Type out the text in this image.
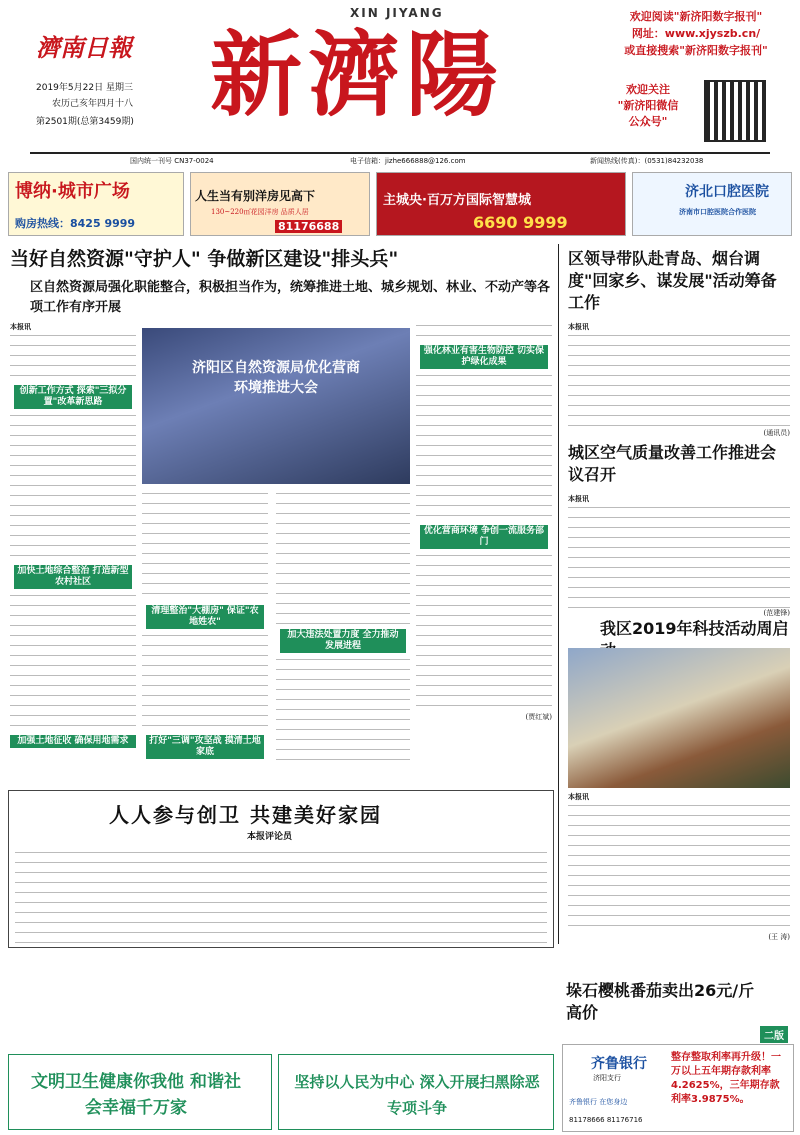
濟南日報
2019年5月22日 星期三
农历己亥年四月十八
第2501期(总第3459期)
XIN JIYANG
新濟陽
欢迎阅读"新济阳数字报刊"
网址：www.xjyszb.cn/
或直接搜索"新济阳数字报刊"
欢迎关注
"新济阳微信
公众号"
国内统一刊号 CN37-0024	电子信箱：jizhe666888@126.com	新闻热线(传真)：(0531)84232038
博纳·城市广场
购房热线：8425 9999
人生当有别洋房见高下
130~220㎡花园洋房 品质人居
81176688
主城央·百万方国际智慧城
6690 9999
济北口腔医院
济南市口腔医院合作医院
当好自然资源"守护人" 争做新区建设"排头兵"
区自然资源局强化职能整合，积极担当作为，统筹推进土地、城乡规划、林业、不动产等各项工作有序开展
本报讯
创新工作方式 探索"三拟分置"改革新思路
加快土地综合整治 打造新型农村社区
加强土地征收 确保用地需求
济阳区自然资源局优化营商环境推进大会
清理整治"大棚房" 保证"农地姓农"
打好"三调"攻坚战 摸清土地家底
加大违法处置力度 全力推动发展进程
强化林业有害生物防控 切实保护绿化成果
优化营商环境 争创一流服务部门
(贾红斌)
区领导带队赴青岛、烟台调度"回家乡、谋发展"活动筹备工作
本报讯
(通讯员)
城区空气质量改善工作推进会议召开
本报讯
(范建锋)
我区2019年科技活动周启
本报讯
(王 涛)
垛石樱桃番茄卖出26元/斤高价
二版
人人参与创卫 共建美好家园
本报评论员
文明卫生健康你我他 和谐社会幸福千万家
坚持以人民为中心 深入开展扫黑除恶专项斗争
齐鲁银行
济阳支行
齐鲁银行 在您身边
81178666 81176716
整存整取利率再升级！一万以上五年期存款利率4.2625%，三年期存款利率3.9875%。
